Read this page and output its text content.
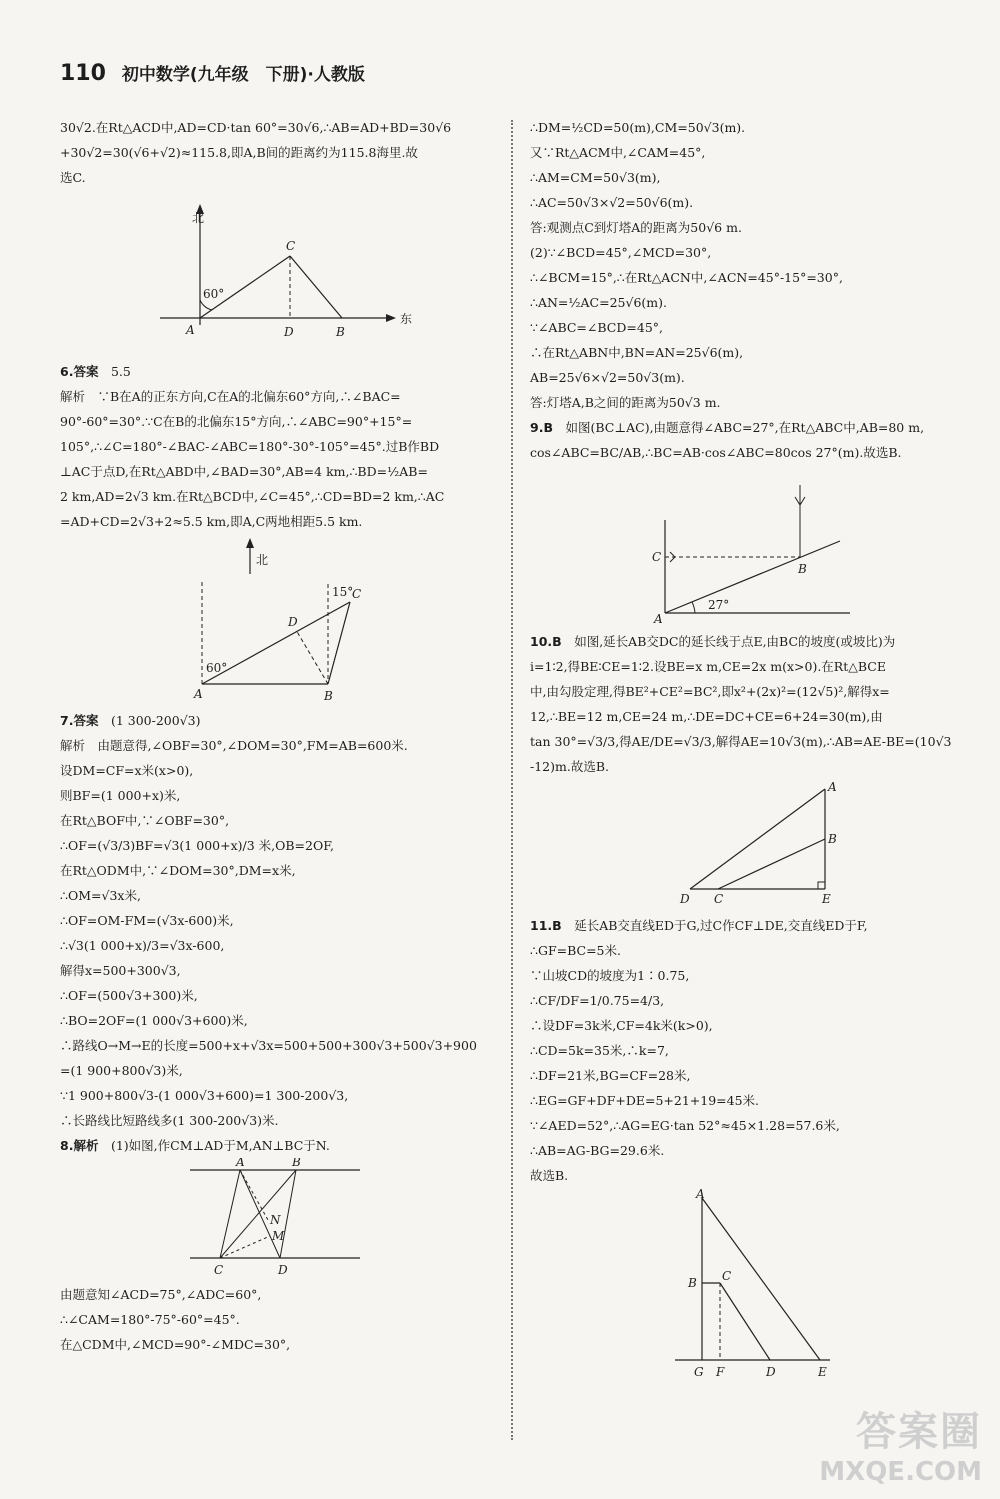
110 初中数学(九年级　下册)·人教版
30√2.在Rt△ACD中,AD=CD·tan 60°=30√6,∴AB=AD+BD=30√6
+30√2=30(√6+√2)≈115.8,即A,B间的距离约为115.8海里.故
选C.
北
东
60°
A
C
D	B
6.答案　 5.5
解析　∵B在A的正东方向,C在A的北偏东60°方向,∴∠BAC=
90°-60°=30°.∵C在B的北偏东15°方向,∴∠ABC=90°+15°=
105°,∴∠C=180°-∠BAC-∠ABC=180°-30°-105°=45°.过B作BD
⊥AC于点D,在Rt△ABD中,∠BAD=30°,AB=4 km,∴BD=½AB=
2 km,AD=2√3 km.在Rt△BCD中,∠C=45°,∴CD=BD=2 km,∴AC
=AD+CD=2√3+2≈5.5 km,即A,C两地相距5.5 km.
北
60°
15°
A	B
C
D
7.答案　 (1 300-200√3)
解析　由题意得,∠OBF=30°,∠DOM=30°,FM=AB=600米.
设DM=CF=x米(x>0),
则BF=(1 000+x)米,
在Rt△BOF中,∵∠OBF=30°,
∴OF=(√3/3)BF=√3(1 000+x)/3 米,OB=2OF,
在Rt△ODM中,∵∠DOM=30°,DM=x米,
∴OM=√3x米,
∴OF=OM-FM=(√3x-600)米,
∴√3(1 000+x)/3=√3x-600,
解得x=500+300√3,
∴OF=(500√3+300)米,
∴BO=2OF=(1 000√3+600)米,
∴路线O→M→E的长度=500+x+√3x=500+500+300√3+500√3+900
=(1 900+800√3)米,
∵1 900+800√3-(1 000√3+600)=1 300-200√3,
∴长路线比短路线多(1 300-200√3)米.
8.解析　 (1)如图,作CM⊥AD于M,AN⊥BC于N.
A	B
C	D
M
N
由题意知∠ACD=75°,∠ADC=60°,
∴∠CAM=180°-75°-60°=45°.
在△CDM中,∠MCD=90°-∠MDC=30°,
∴DM=½CD=50(m),CM=50√3(m).
又∵Rt△ACM中,∠CAM=45°,
∴AM=CM=50√3(m),
∴AC=50√3×√2=50√6(m).
答:观测点C到灯塔A的距离为50√6 m.
(2)∵∠BCD=45°,∠MCD=30°,
∴∠BCM=15°,∴在Rt△ACN中,∠ACN=45°-15°=30°,
∴AN=½AC=25√6(m).
∵∠ABC=∠BCD=45°,
∴在Rt△ABN中,BN=AN=25√6(m),
AB=25√6×√2=50√3(m).
答:灯塔A,B之间的距离为50√3 m.
9.B　 如图(BC⊥AC),由题意得∠ABC=27°,在Rt△ABC中,AB=80 m,
cos∠ABC=BC/AB,∴BC=AB·cos∠ABC=80cos 27°(m).故选B.
27°
A
B
C
10.B　 如图,延长AB交DC的延长线于点E,由BC的坡度(或坡比)为
i=1∶2,得BE∶CE=1∶2.设BE=x m,CE=2x m(x>0).在Rt△BCE
中,由勾股定理,得BE²+CE²=BC²,即x²+(2x)²=(12√5)²,解得x=
12,∴BE=12 m,CE=24 m,∴DE=DC+CE=6+24=30(m),由
tan 30°=√3/3,得AE/DE=√3/3,解得AE=10√3(m),∴AB=AE-BE=(10√3
-12)m.故选B.
A
B
C
D	E
11.B　 延长AB交直线ED于G,过C作CF⊥DE,交直线ED于F,
∴GF=BC=5米.
∵山坡CD的坡度为1∶0.75,
∴CF/DF=1/0.75=4/3,
∴设DF=3k米,CF=4k米(k>0),
∴CD=5k=35米,∴k=7,
∴DF=21米,BG=CF=28米,
∴EG=GF+DF+DE=5+21+19=45米.
∵∠AED=52°,∴AG=EG·tan 52°≈45×1.28=57.6米,
∴AB=AG-BG=29.6米.
故选B.
A
B C
D	E
F
G
答案圈
MXQE.COM
